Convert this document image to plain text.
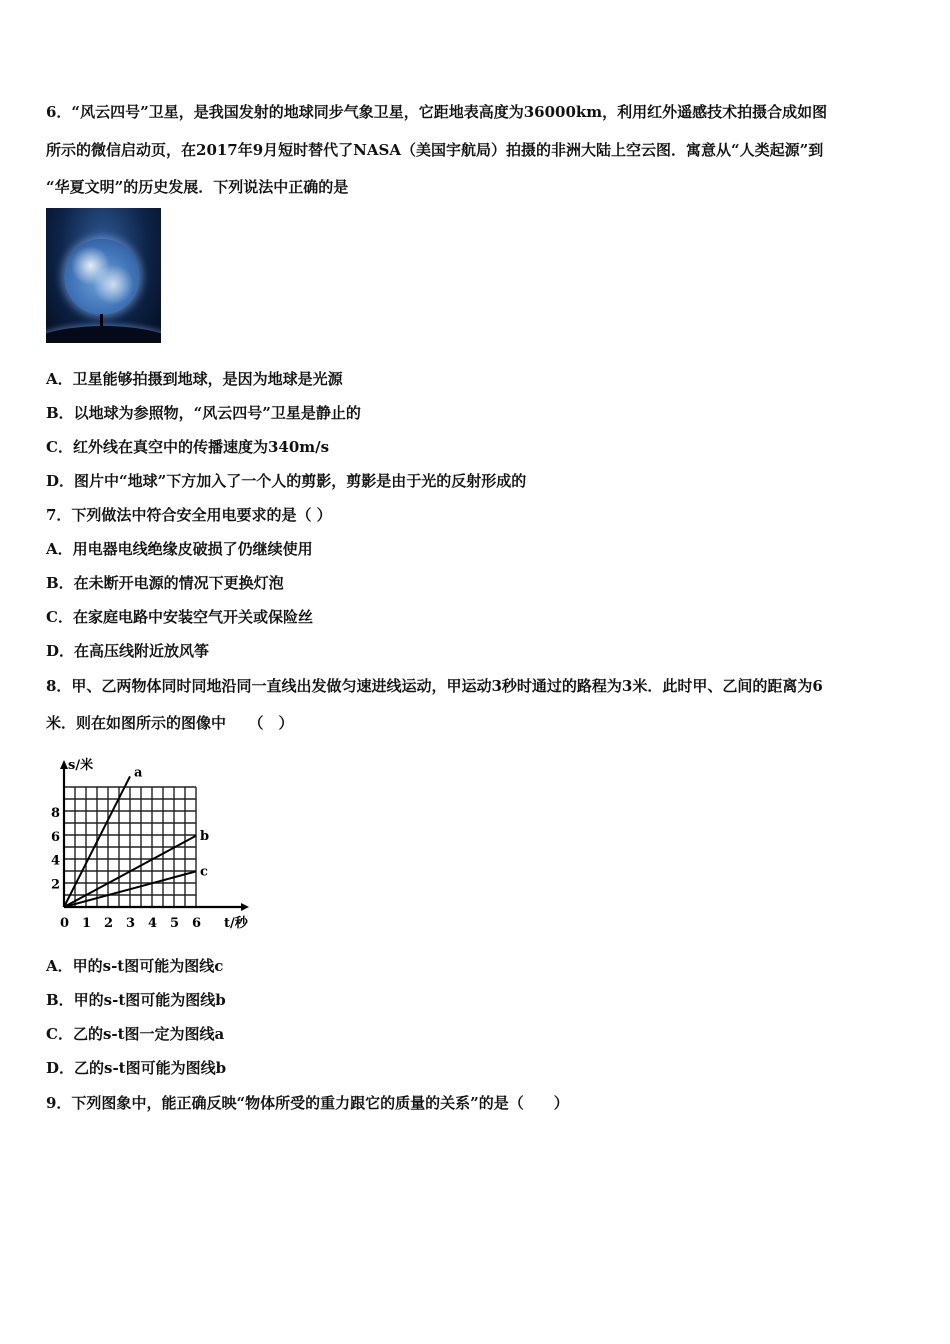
6．“风云四号”卫星，是我国发射的地球同步气象卫星，它距地表高度为36000km，利用红外遥感技术拍摄合成如图
所示的微信启动页，在2017年9月短时替代了NASA（美国宇航局）拍摄的非洲大陆上空云图．寓意从“人类起源”到
“华夏文明”的历史发展．下列说法中正确的是
A．卫星能够拍摄到地球，是因为地球是光源
B．以地球为参照物，“风云四号”卫星是静止的
C．红外线在真空中的传播速度为340m/s
D．图片中“地球”下方加入了一个人的剪影，剪影是由于光的反射形成的
7．下列做法中符合安全用电要求的是（ ）
A．用电器电线绝缘皮破损了仍继续使用
B．在未断开电源的情况下更换灯泡
C．在家庭电路中安装空气开关或保险丝
D．在高压线附近放风筝
8．甲、乙两物体同时同地沿同一直线出发做匀速进线运动，甲运动3秒时通过的路程为3米．此时甲、乙间的距离为6
米．则在如图所示的图像中　　（　）
s/米
t/秒
0 1 2 3 4 5 6
2
4
6
8
a
b
c
A．甲的s-t图可能为图线c
B．甲的s-t图可能为图线b
C．乙的s-t图一定为图线a
D．乙的s-t图可能为图线b
9．下列图象中，能正确反映“物体所受的重力跟它的质量的关系”的是（　　）
